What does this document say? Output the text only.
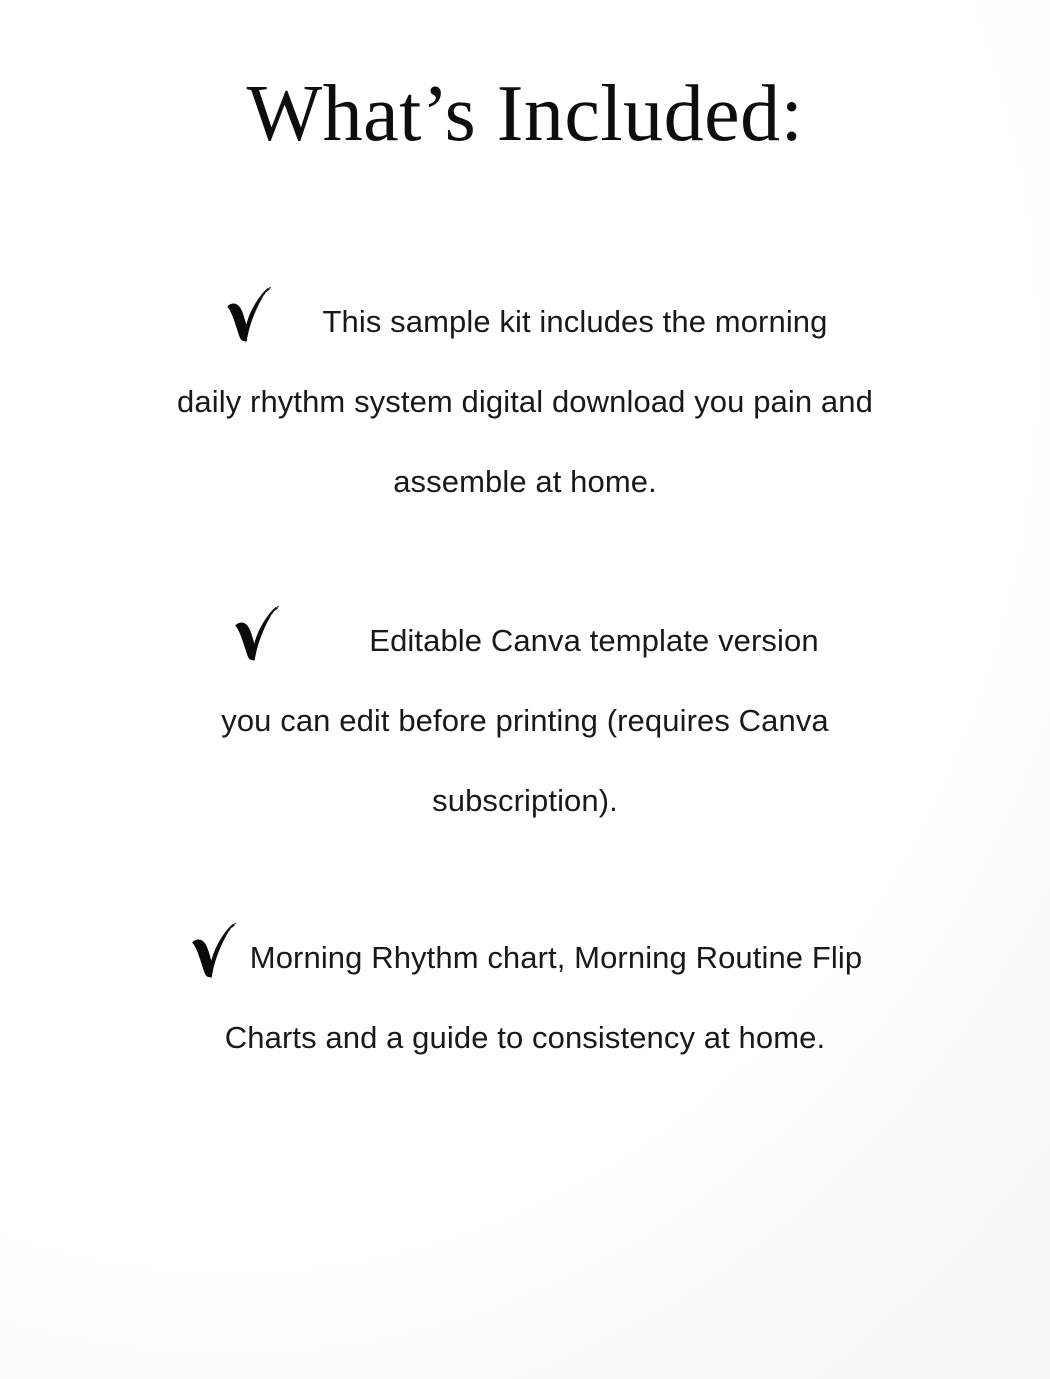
What’s Included:
This sample kit includes the morning
daily rhythm system digital download you pain and
assemble at home.
Editable Canva template version
you can edit before printing (requires Canva
subscription).
Morning Rhythm chart, Morning Routine Flip
Charts and a guide to consistency at home.
